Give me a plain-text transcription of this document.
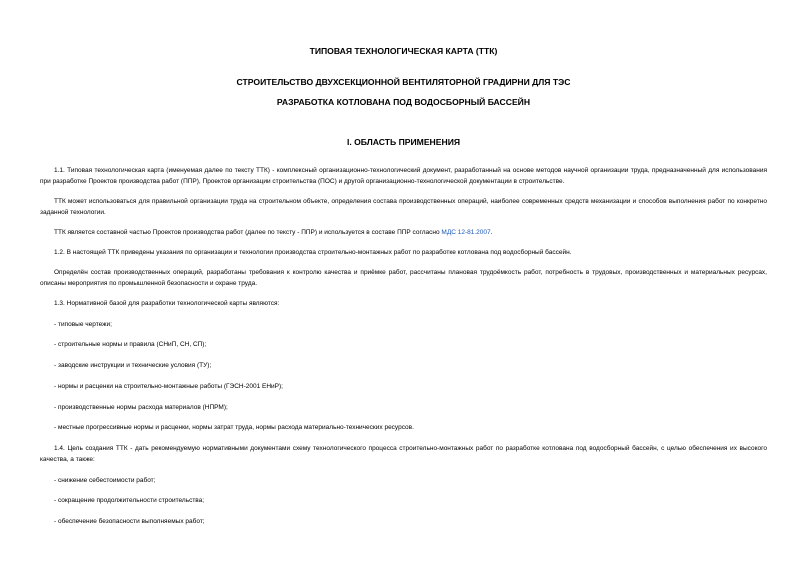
ТИПОВАЯ ТЕХНОЛОГИЧЕСКАЯ КАРТА (ТТК)
СТРОИТЕЛЬСТВО ДВУХСЕКЦИОННОЙ ВЕНТИЛЯТОРНОЙ ГРАДИРНИ ДЛЯ ТЭС
РАЗРАБОТКА КОТЛОВАНА ПОД ВОДОСБОРНЫЙ БАССЕЙН
I. ОБЛАСТЬ ПРИМЕНЕНИЯ
1.1. Типовая технологическая карта (именуемая далее по тексту ТТК) - комплексный организационно-технологический документ, разработанный на основе методов научной организации труда, предназначенный для использования при разработке Проектов производства работ (ППР), Проектов организации строительства (ПОС) и другой организационно-технологической документации в строительстве.
ТТК может использоваться для правильной организации труда на строительном объекте, определения состава производственных операций, наиболее современных средств механизации и способов выполнения работ по конкретно заданной технологии.
ТТК является составной частью Проектов производства работ (далее по тексту - ППР) и используется в составе ППР согласно МДС 12-81.2007.
1.2. В настоящей ТТК приведены указания по организации и технологии производства строительно-монтажных работ по разработке котлована под водосборный бассейн.
Определён состав производственных операций, разработаны требования к контролю качества и приёмке работ, рассчитаны плановая трудоёмкость работ, потребность в трудовых, производственных и материальных ресурсах, описаны мероприятия по промышленной безопасности и охране труда.
1.3. Нормативной базой для разработки технологической карты являются:
- типовые чертежи;
- строительные нормы и правила (СНиП, СН, СП);
- заводские инструкции и технические условия (ТУ);
- нормы и расценки на строительно-монтажные работы (ГЭСН-2001 ЕНиР);
- производственные нормы расхода материалов (НПРМ);
- местные прогрессивные нормы и расценки, нормы затрат труда, нормы расхода материально-технических ресурсов.
1.4. Цель создания ТТК - дать рекомендуемую нормативными документами схему технологического процесса строительно-монтажных работ по разработке котлована под водосборный бассейн, с целью обеспечения их высокого качества, а также:
- снижение себестоимости работ;
- сокращение продолжительности строительства;
- обеспечение безопасности выполняемых работ;
